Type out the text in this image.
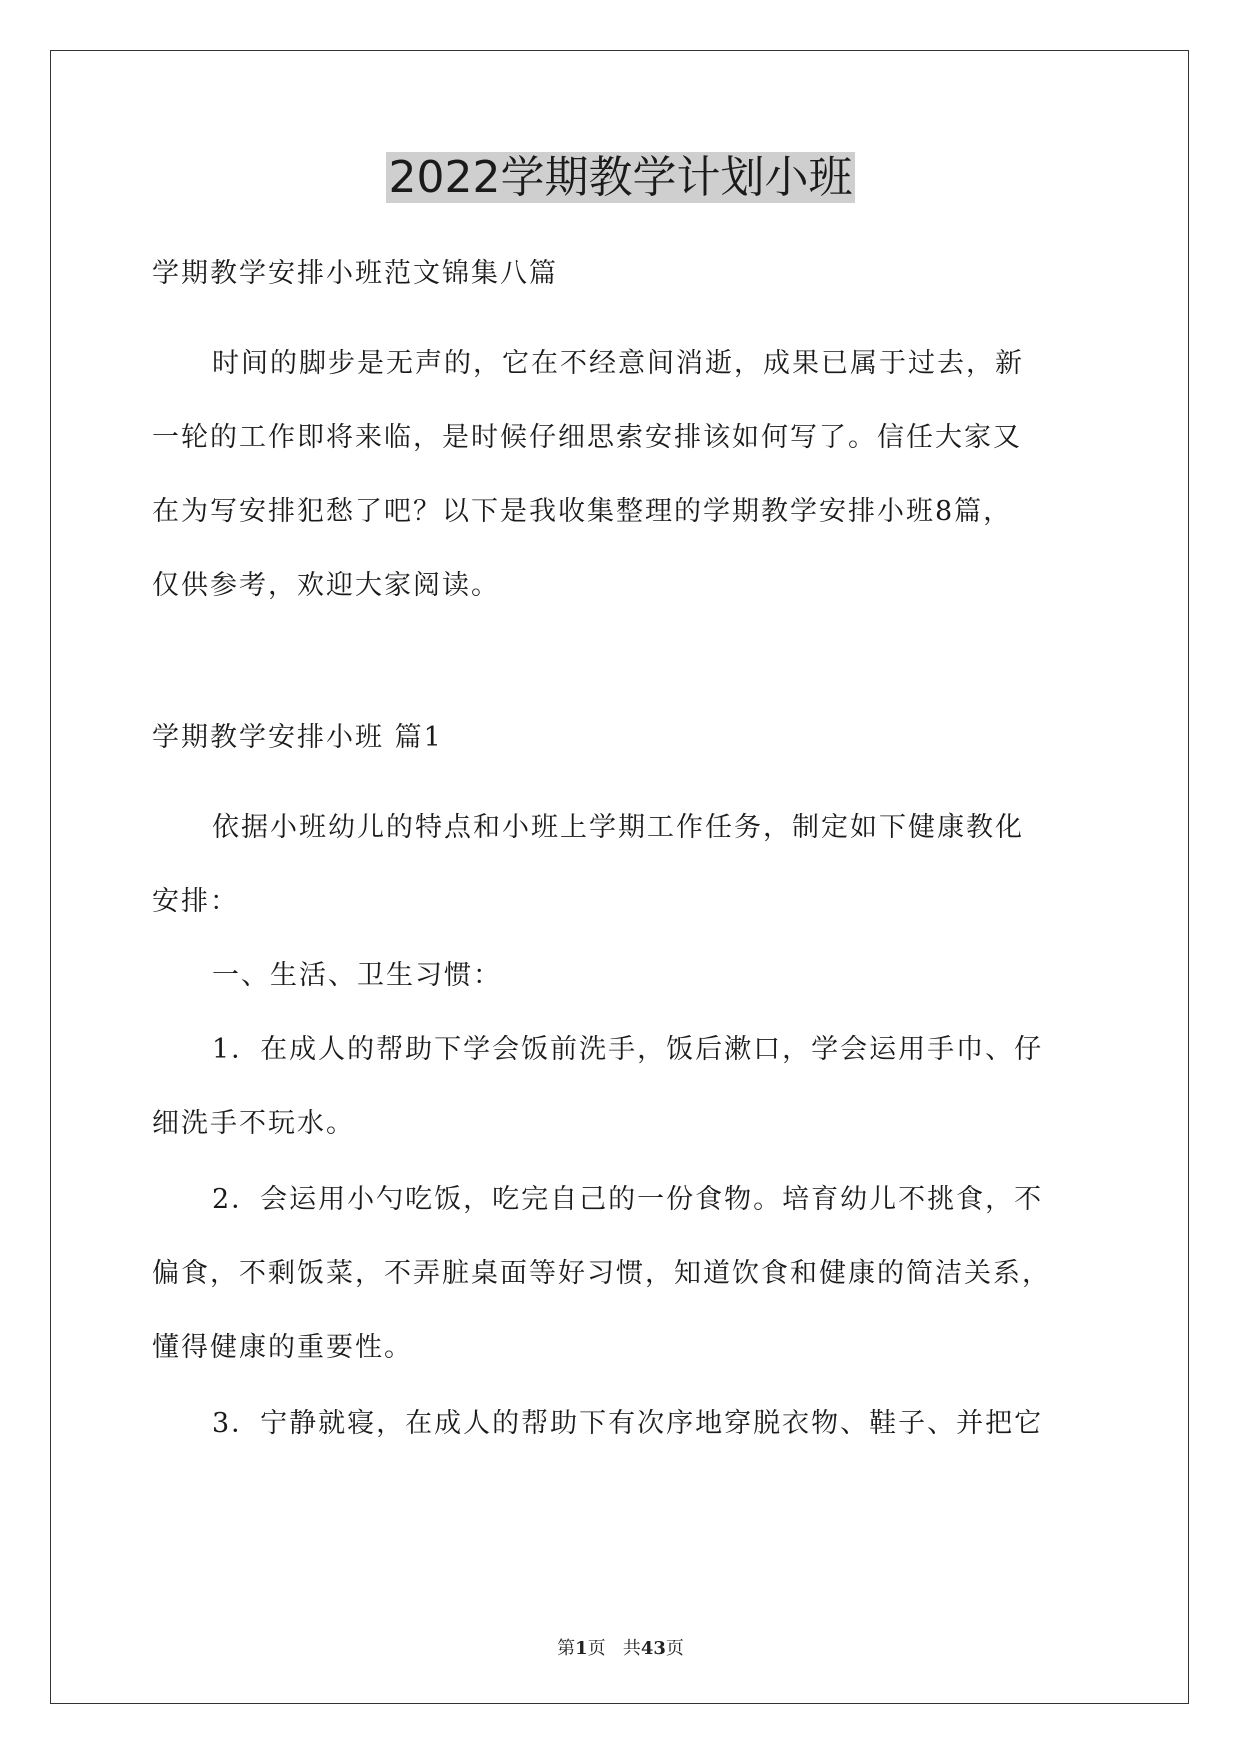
2022学期教学计划小班

学期教学安排小班范文锦集八篇

时间的脚步是无声的，它在不经意间消逝，成果已属于过去，新

一轮的工作即将来临，是时候仔细思索安排该如何写了。信任大家又

在为写安排犯愁了吧？以下是我收集整理的学期教学安排小班8篇，

仅供参考，欢迎大家阅读。

学期教学安排小班 篇1

依据小班幼儿的特点和小班上学期工作任务，制定如下健康教化

安排：

一、生活、卫生习惯：

1．在成人的帮助下学会饭前洗手，饭后漱口，学会运用手巾、仔

细洗手不玩水。

2．会运用小勺吃饭，吃完自己的一份食物。培育幼儿不挑食，不

偏食，不剩饭菜，不弄脏桌面等好习惯，知道饮食和健康的简洁关系，

懂得健康的重要性。

3．宁静就寝，在成人的帮助下有次序地穿脱衣物、鞋子、并把它

第1页 共43页
